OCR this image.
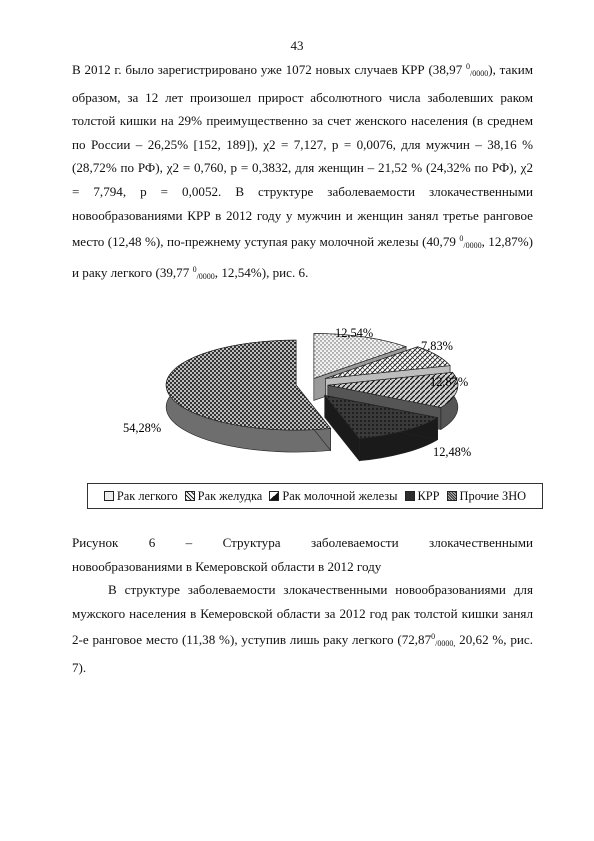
43

В 2012 г. было зарегистрировано уже 1072 новых случаев КРР (38,97 $^0_{/0000}$), таким образом, за 12 лет произошел прирост абсолютного числа заболевших раком толстой кишки на 29% преимущественно за счет женского населения (в среднем по России – 26,25% [152, 189]), χ2 = 7,127, p = 0,0076, для мужчин – 38,16 % (28,72% по РФ), χ2 = 0,760, p = 0,3832, для женщин – 21,52 % (24,32% по РФ), χ2 = 7,794, p = 0,0052. В структуре заболеваемости злокачественными новообразованиями КРР в 2012 году у мужчин и женщин занял третье ранговое место (12,48 %), по-прежнему уступая раку молочной железы (40,79 $^0_{/0000}$, 12,87%) и раку легкого (39,77 $^0_{/0000}$, 12,54%), рис. 6.

12,54%
7,83%
12,87%
12,48%
54,28%
Рак легкого Рак желудка Рак молочной железы КРР Прочие ЗНО
Рисунок 6 – Структура заболеваемости злокачественными
новообразованиями в Кемеровской области в 2012 году

В структуре заболеваемости злокачественными новообразованиями для мужского населения в Кемеровской области за 2012 год рак толстой кишки занял 2-е ранговое место (11,38 %), уступив лишь раку легкого ($72,87^0_{/0000,}$ 20,62 %, рис. 7).
